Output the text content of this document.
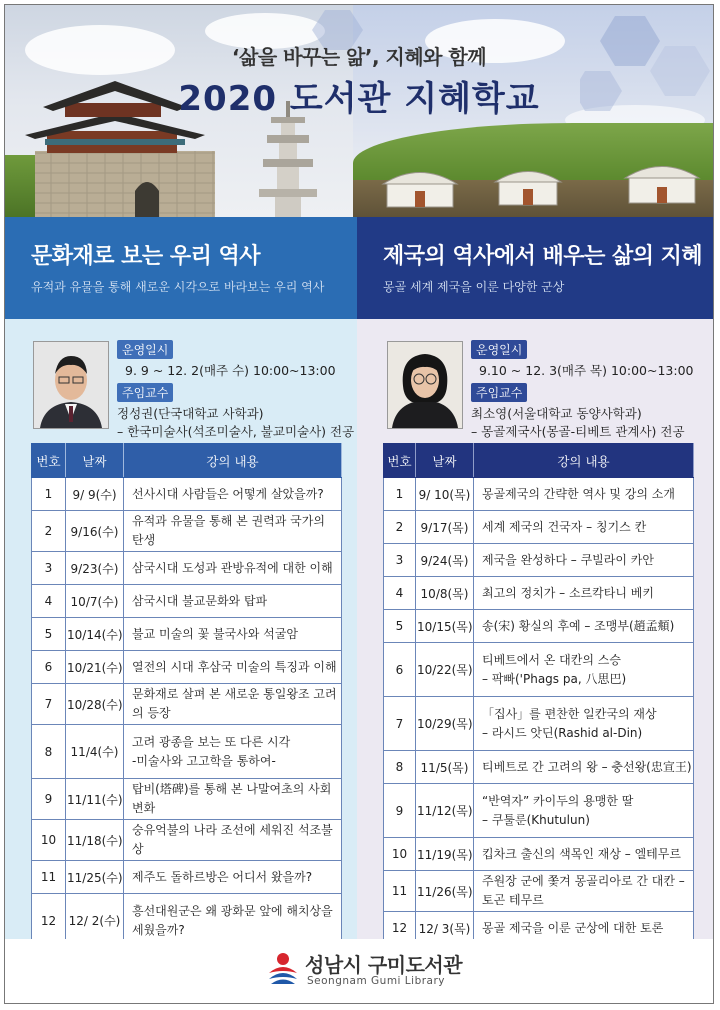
‘삶을 바꾸는 앎’, 지혜와 함께
2020 도서관 지혜학교
문화재로 보는 우리 역사
유적과 유물을 통해 새로운 시각으로 바라보는 우리 역사
제국의 역사에서 배우는 삶의 지혜
몽골 세계 제국을 이룬 다양한 군상
운영일시
9. 9 ~ 12. 2(매주 수) 10:00~13:00
주임교수
정성권(단국대학교 사학과)
– 한국미술사(석조미술사, 불교미술사) 전공
번호	날짜	강의 내용
1	9/ 9(수)	선사시대 사람들은 어떻게 살았을까?

2	9/16(수)	유적과 유물을 통해 본 권력과 국가의 탄생

3	9/23(수)	삼국시대 도성과 관방유적에 대한 이해

4	10/7(수)	삼국시대 불교문화와 탑파

5	10/14(수)	불교 미술의 꽃 불국사와 석굴암

6	10/21(수)	열전의 시대 후삼국 미술의 특징과 이해

7	10/28(수)	문화재로 살펴 본 새로운 통일왕조 고려의 등장

8	11/4(수)	고려 광종을 보는 또 다른 시각
-미술사와 고고학을 통하여-

9	11/11(수)	탑비(塔碑)를 통해 본 나말여초의 사회변화

10	11/18(수)	숭유억불의 나라 조선에 세워진 석조불상

11	11/25(수)	제주도 돌하르방은 어디서 왔을까?

12	12/ 2(수)	흥선대원군은 왜 광화문 앞에 해치상을
세웠을까?
운영일시
9.10 ~ 12. 3(매주 목) 10:00~13:00
주임교수
최소영(서울대학교 동양사학과)
– 몽골제국사(몽골-티베트 관계사) 전공
번호	날짜	강의 내용
1	9/ 10(목)	몽골제국의 간략한 역사 및 강의 소개

2	9/17(목)	세계 제국의 건국자 – 칭기스 칸

3	9/24(목)	제국을 완성하다 – 쿠빌라이 카안

4	10/8(목)	최고의 정치가 – 소르칵타니 베키

5	10/15(목)	송(宋) 황실의 후예 – 조맹부(趙孟頫)

6	10/22(목)	티베트에서 온 대칸의 스승
– 팍빠('Phags pa, 八思巴)

7	10/29(목)	「집사」를 편찬한 일칸국의 재상
– 라시드 앗딘(Rashid al-Din)

8	11/5(목)	티베트로 간 고려의 왕 – 충선왕(忠宣王)

9	11/12(목)	“반역자” 카이두의 용맹한 딸
– 쿠툴룬(Khutulun)

10	11/19(목)	킵차크 출신의 색목인 재상 – 엘테무르

11	11/26(목)	주원장 군에 쫓겨 몽골리아로 간 대칸 – 토곤 테무르

12	12/ 3(목)	몽골 제국을 이룬 군상에 대한 토론
성남시 구미도서관
Seongnam Gumi Library
